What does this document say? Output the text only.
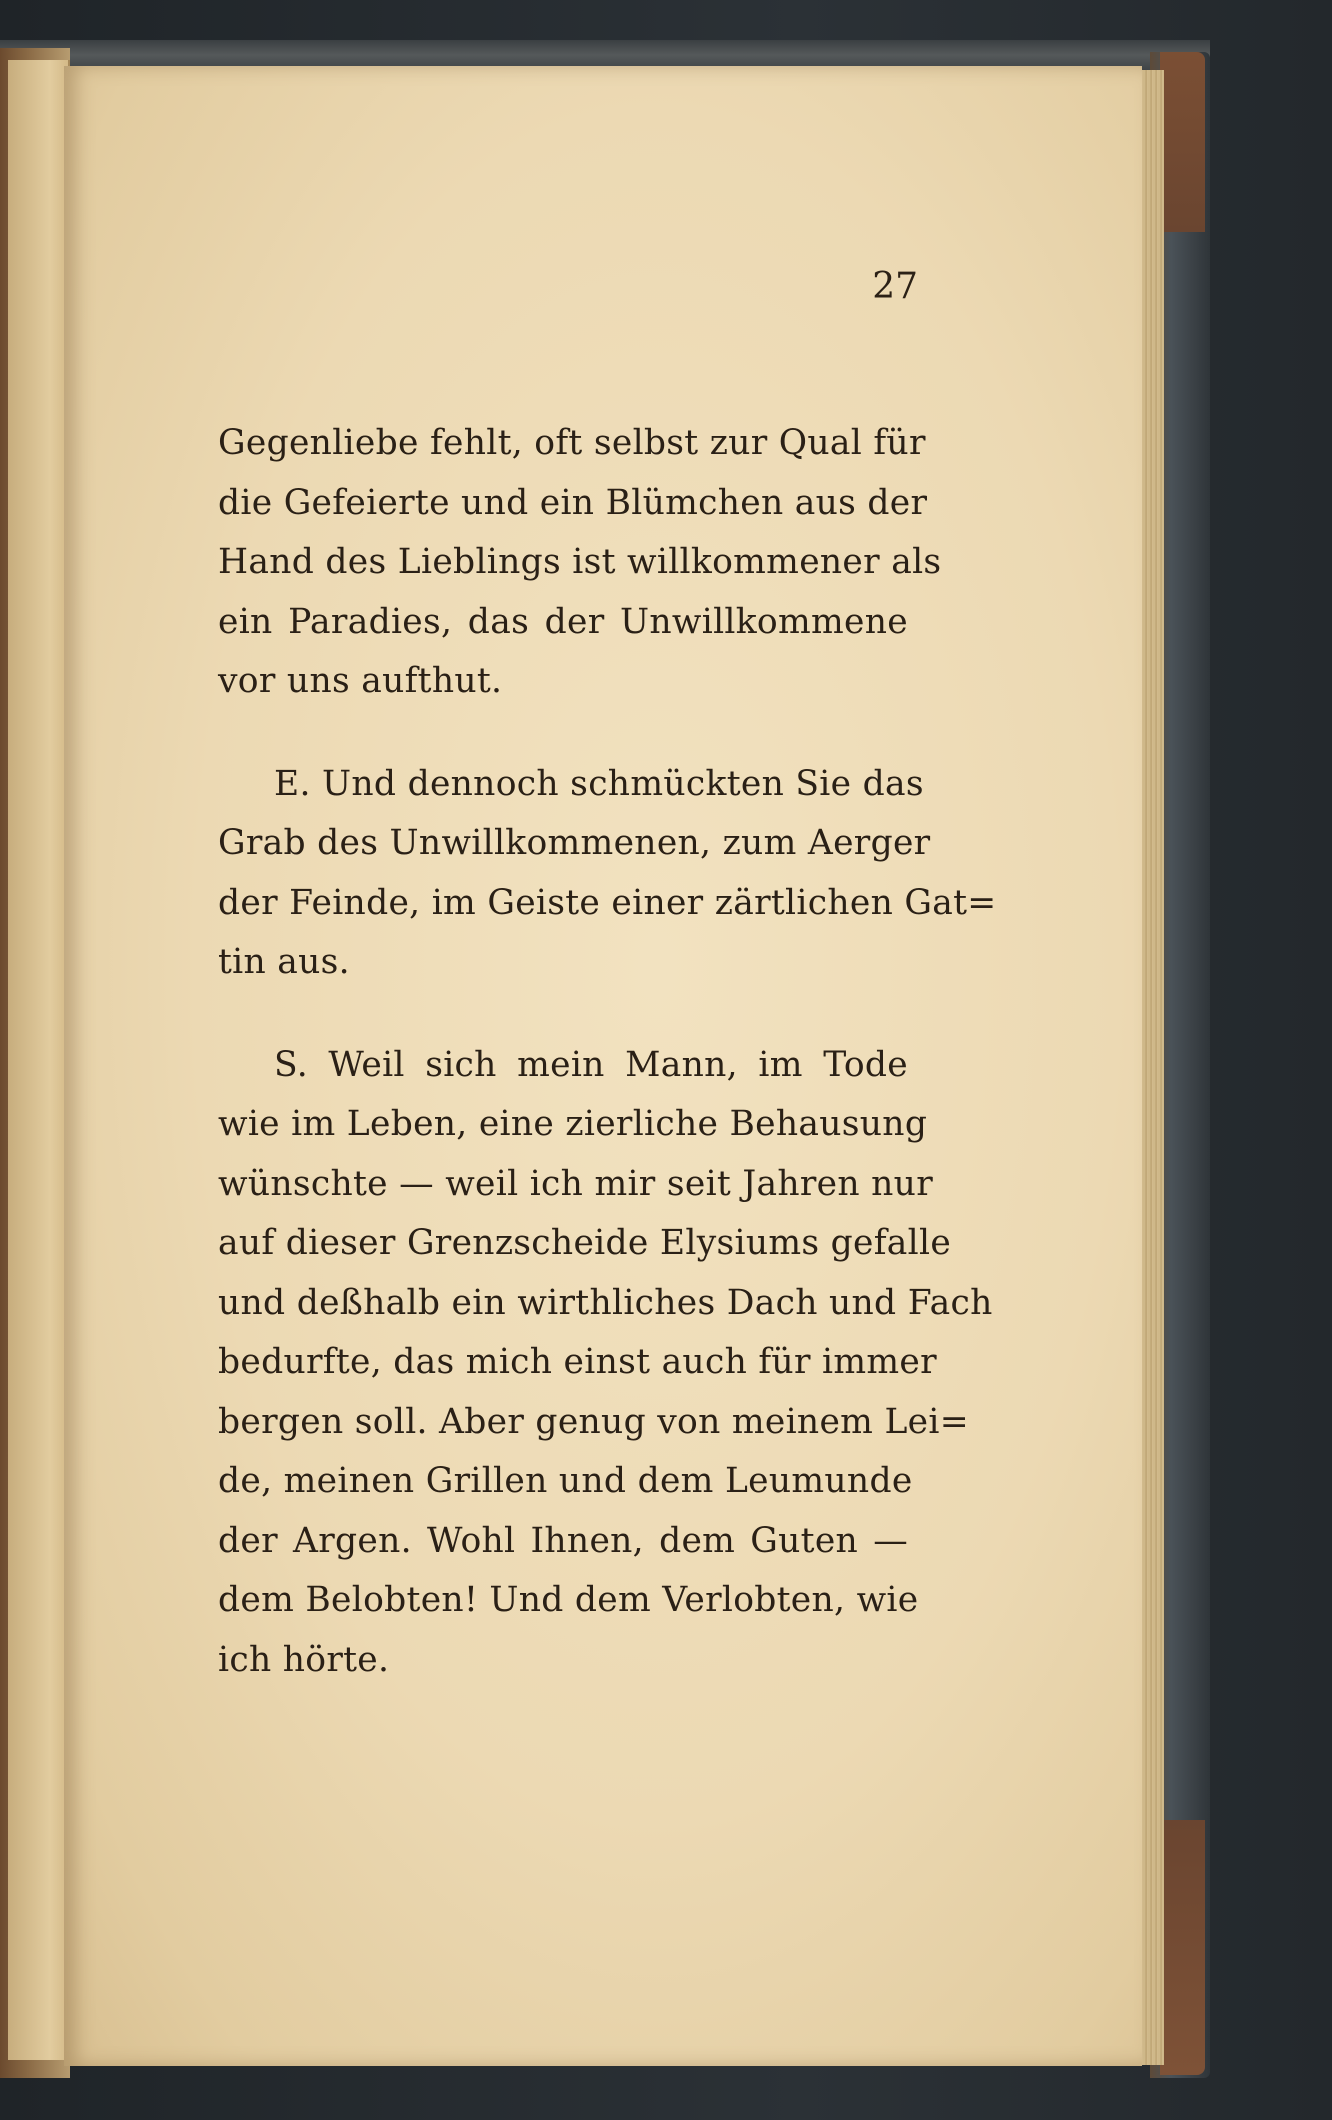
27

Gegenliebe fehlt, oft selbst zur Qual für
die Gefeierte und ein Blümchen aus der
Hand des Lieblings ist willkommener als
ein Paradies, das der Unwillkommene
vor uns aufthut.

E. Und dennoch schmückten Sie das
Grab des Unwillkommenen, zum Aerger
der Feinde, im Geiste einer zärtlichen Gat=
tin aus.

S. Weil sich mein Mann, im Tode
wie im Leben, eine zierliche Behausung
wünschte — weil ich mir seit Jahren nur
auf dieser Grenzscheide Elysiums gefalle
und deßhalb ein wirthliches Dach und Fach
bedurfte, das mich einst auch für immer
bergen soll. Aber genug von meinem Lei=
de, meinen Grillen und dem Leumunde
der Argen. Wohl Ihnen, dem Guten —
dem Belobten! Und dem Verlobten, wie
ich hörte.
